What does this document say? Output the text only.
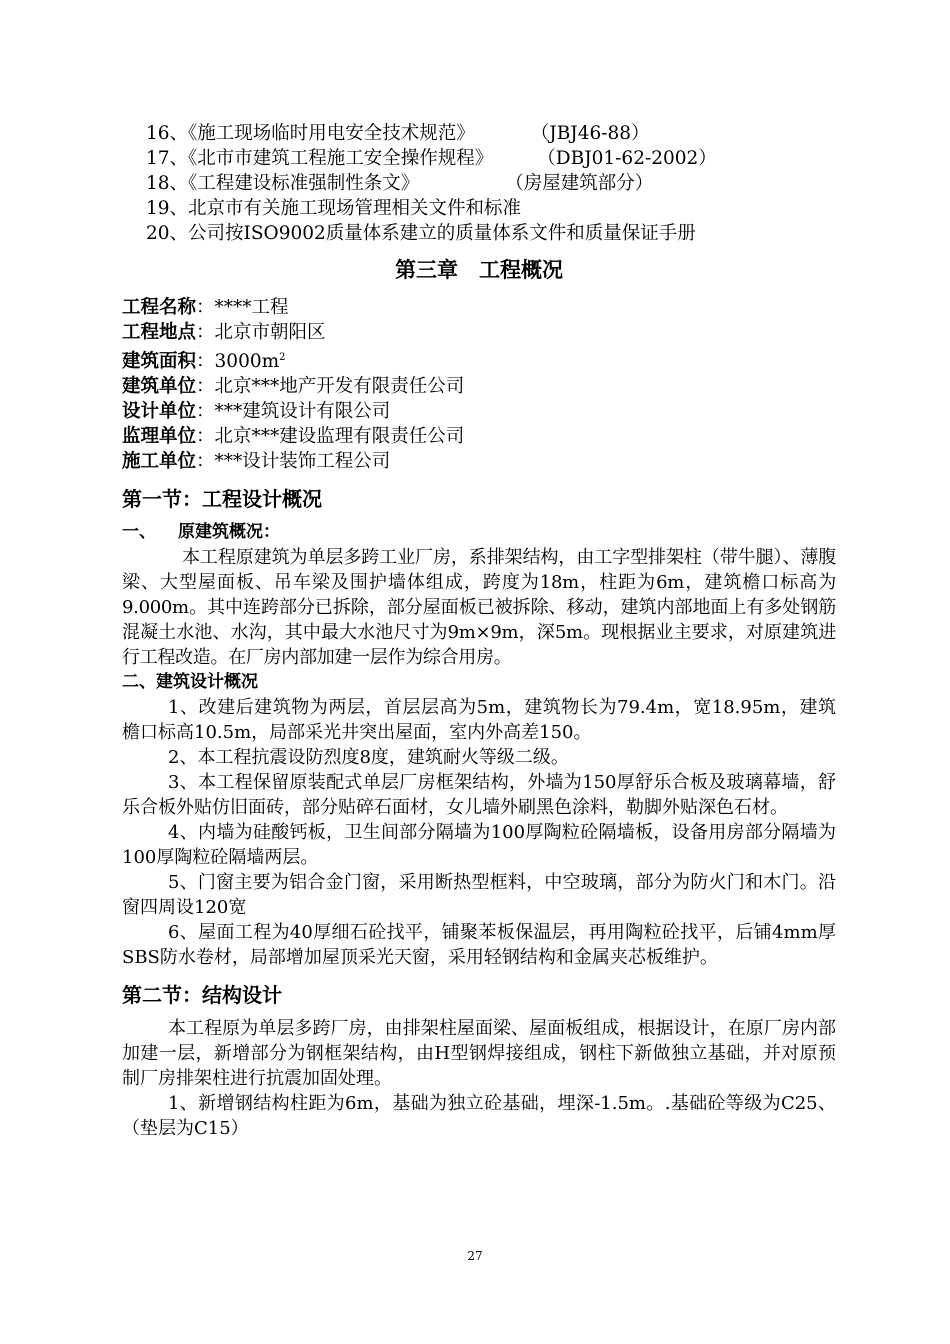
16、《施工现场临时用电安全技术规范》	（JBJ46-88）
17、《北市市建筑工程施工安全操作规程》 （DBJ01-62-2002）
18、《工程建设标准强制性条文》	（房屋建筑部分）
19、北京市有关施工现场管理相关文件和标准
20、公司按ISO9002质量体系建立的质量体系文件和质量保证手册
第三章　工程概况
工程名称：****工程
工程地点：北京市朝阳区
建筑面积：$3000m^2$
建筑单位：北京***地产开发有限责任公司
设计单位：***建筑设计有限公司
监理单位：北京***建设监理有限责任公司
施工单位：***设计装饰工程公司
第一节：工程设计概况
一、 原建筑概况：
本工程原建筑为单层多跨工业厂房，系排架结构，由工字型排架柱（带牛腿）、薄腹梁、大型屋面板、吊车梁及围护墙体组成，跨度为18m，柱距为6m，建筑檐口标高为9.000m。其中连跨部分已拆除，部分屋面板已被拆除、移动，建筑内部地面上有多处钢筋混凝土水池、水沟，其中最大水池尺寸为9m×9m，深5m。现根据业主要求，对原建筑进行工程改造。在厂房内部加建一层作为综合用房。
二、建筑设计概况
1、改建后建筑物为两层，首层层高为5m，建筑物长为79.4m，宽18.95m，建筑檐口标高10.5m，局部采光井突出屋面，室内外高差150。
2、本工程抗震设防烈度8度，建筑耐火等级二级。
3、本工程保留原装配式单层厂房框架结构，外墙为150厚舒乐合板及玻璃幕墙，舒乐合板外贴仿旧面砖，部分贴碎石面材，女儿墙外刷黑色涂料，勒脚外贴深色石材。
4、内墙为硅酸钙板，卫生间部分隔墙为100厚陶粒砼隔墙板，设备用房部分隔墙为100厚陶粒砼隔墙两层。
5、门窗主要为铝合金门窗，采用断热型框料，中空玻璃，部分为防火门和木门。沿窗四周设120宽
6、屋面工程为40厚细石砼找平，铺聚苯板保温层，再用陶粒砼找平，后铺4mm厚SBS防水卷材，局部增加屋顶采光天窗，采用轻钢结构和金属夹芯板维护。
第二节：结构设计
本工程原为单层多跨厂房，由排架柱屋面梁、屋面板组成，根据设计，在原厂房内部加建一层，新增部分为钢框架结构，由H型钢焊接组成，钢柱下新做独立基础，并对原预制厂房排架柱进行抗震加固处理。
1、新增钢结构柱距为6m，基础为独立砼基础，埋深-1.5m。.基础砼等级为C25、（垫层为C15）
27
